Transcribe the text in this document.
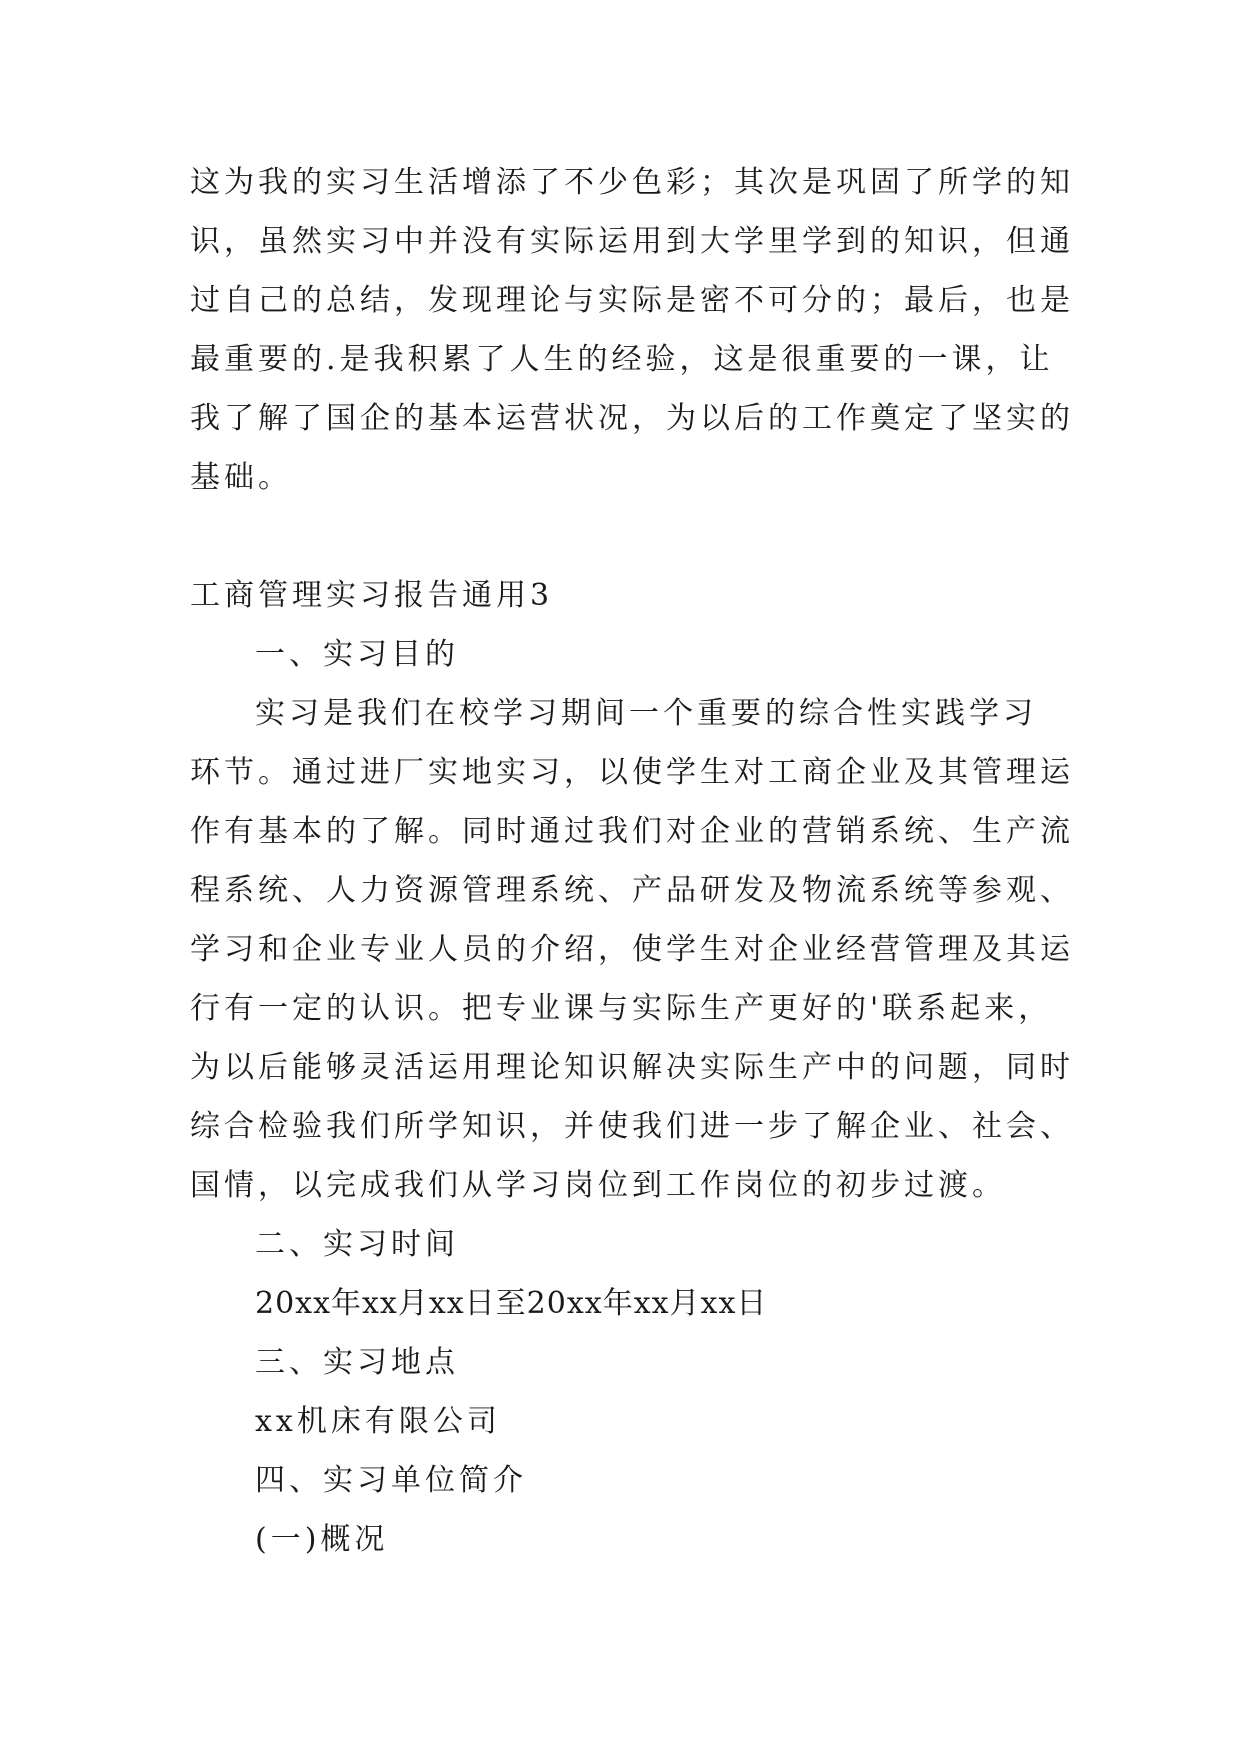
这为我的实习生活增添了不少色彩；其次是巩固了所学的知
识，虽然实习中并没有实际运用到大学里学到的知识，但通
过自己的总结，发现理论与实际是密不可分的；最后，也是
最重要的.是我积累了人生的经验，这是很重要的一课，让
我了解了国企的基本运营状况，为以后的工作奠定了坚实的
基础。
工商管理实习报告通用3
一、实习目的
实习是我们在校学习期间一个重要的综合性实践学习
环节。通过进厂实地实习，以使学生对工商企业及其管理运
作有基本的了解。同时通过我们对企业的营销系统、生产流
程系统、人力资源管理系统、产品研发及物流系统等参观、
学习和企业专业人员的介绍，使学生对企业经营管理及其运
行有一定的认识。把专业课与实际生产更好的'联系起来，
为以后能够灵活运用理论知识解决实际生产中的问题，同时
综合检验我们所学知识，并使我们进一步了解企业、社会、
国情，以完成我们从学习岗位到工作岗位的初步过渡。
二、实习时间
20xx年xx月xx日至20xx年xx月xx日
三、实习地点
xx机床有限公司
四、实习单位简介
(一)概况
